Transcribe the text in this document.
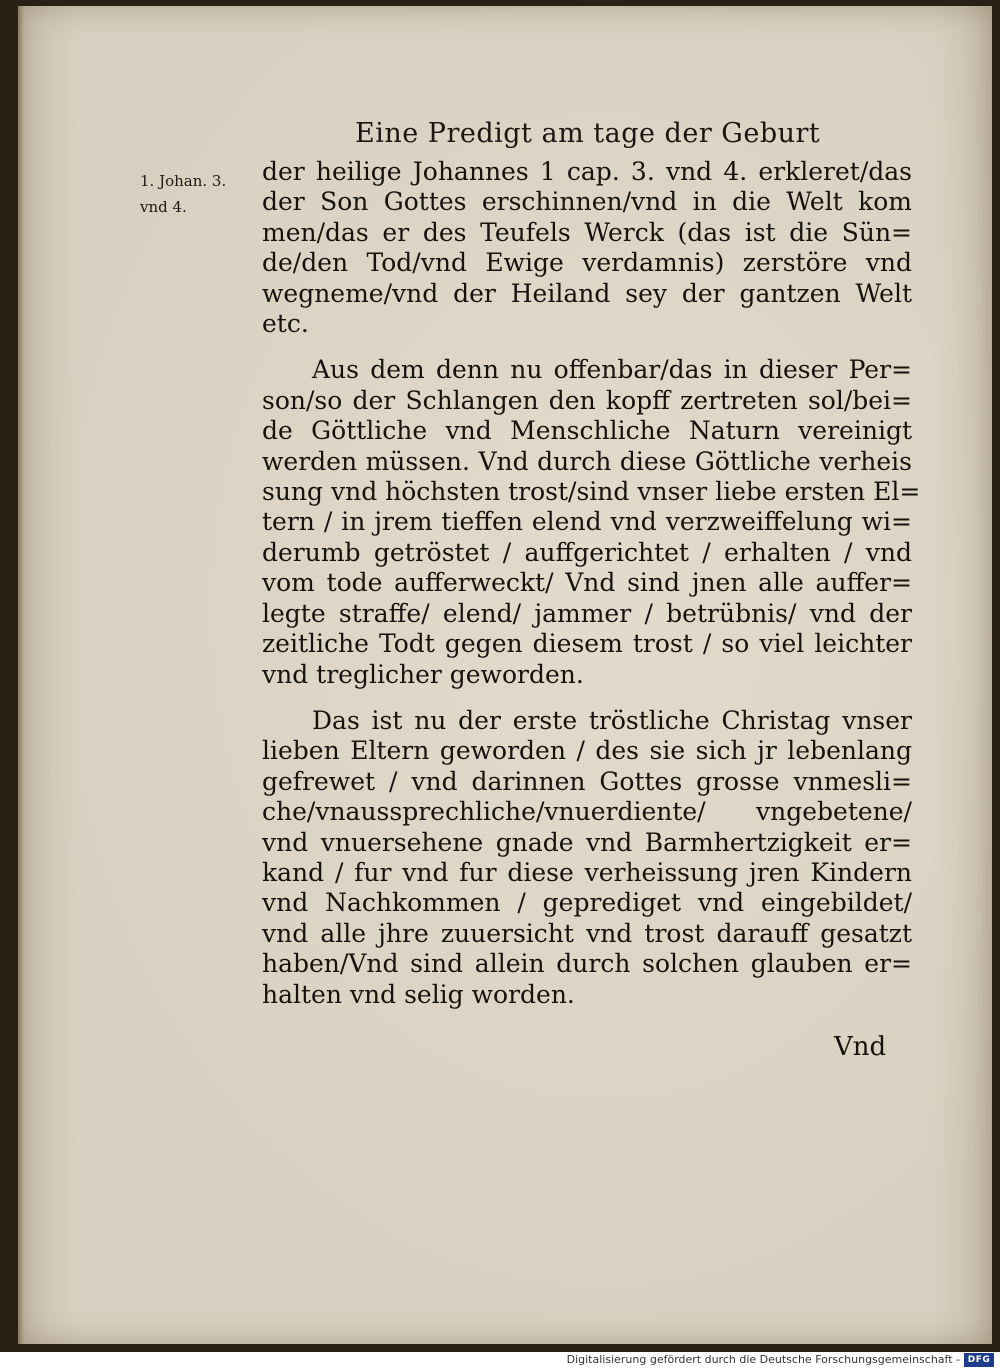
Eine Predigt am tage der Geburt
1. Johan. 3.
vnd 4.
der heilige Johannes 1 cap. 3. vnd 4. erkleret/das
der Son Gottes erschinnen/vnd in die Welt kom
men/das er des Teufels Werck (das ist die Sün=
de/den Tod/vnd Ewige verdamnis) zerstöre vnd
wegneme/vnd der Heiland sey der gantzen Welt
etc.
Aus dem denn nu offenbar/das in dieser Per=
son/so der Schlangen den kopff zertreten sol/bei=
de Göttliche vnd Menschliche Naturn vereinigt
werden müssen. Vnd durch diese Göttliche verheis
sung vnd höchsten trost/sind vnser liebe ersten El=
tern / in jrem tieffen elend vnd verzweiffelung wi=
derumb getröstet / auffgerichtet / erhalten / vnd
vom tode aufferweckt/ Vnd sind jnen alle auffer=
legte straffe/ elend/ jammer / betrübnis/ vnd der
zeitliche Todt gegen diesem trost / so viel leichter
vnd treglicher geworden.
Das ist nu der erste tröstliche Christag vnser
lieben Eltern geworden / des sie sich jr lebenlang
gefrewet / vnd darinnen Gottes grosse vnmesli=
che/vnaussprechliche/vnuerdiente/ vngebetene/
vnd vnuersehene gnade vnd Barmhertzigkeit er=
kand / fur vnd fur diese verheissung jren Kindern
vnd Nachkommen / geprediget vnd eingebildet/
vnd alle jhre zuuersicht vnd trost darauff gesatzt
haben/Vnd sind allein durch solchen glauben er=
halten vnd selig worden.
Vnd
Digitalisierung gefördert durch die Deutsche Forschungsgemeinschaft - DFG
